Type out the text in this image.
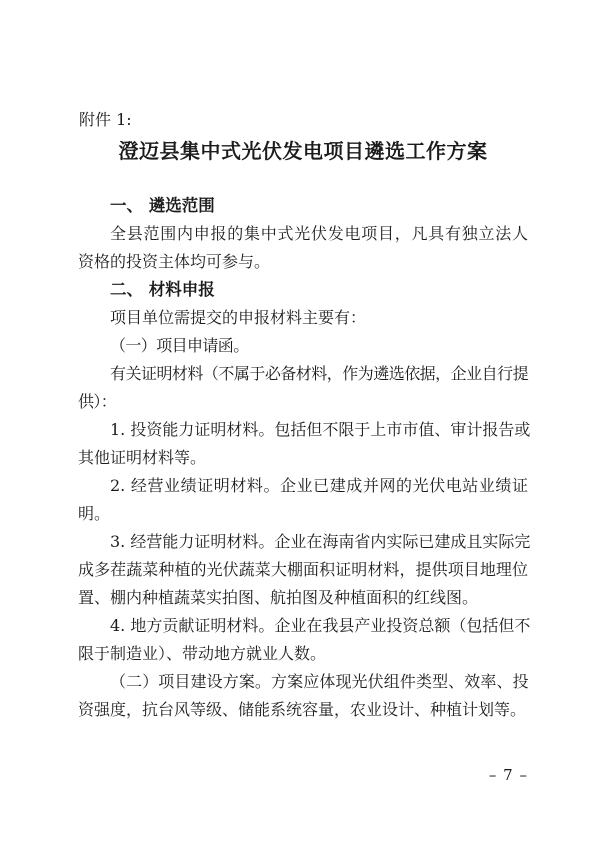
附件 1:
澄迈县集中式光伏发电项目遴选工作方案
一、 遴选范围
全县范围内申报的集中式光伏发电项目，凡具有独立法人
资格的投资主体均可参与。
二、 材料申报
项目单位需提交的申报材料主要有：
（一）项目申请函。
有关证明材料（不属于必备材料，作为遴选依据，企业自行提
供）：
1. 投资能力证明材料。包括但不限于上市市值、审计报告或
其他证明材料等。
2. 经营业绩证明材料。企业已建成并网的光伏电站业绩证
明。
3. 经营能力证明材料。企业在海南省内实际已建成且实际完
成多茬蔬菜种植的光伏蔬菜大棚面积证明材料，提供项目地理位
置、棚内种植蔬菜实拍图、航拍图及种植面积的红线图。
4. 地方贡献证明材料。企业在我县产业投资总额（包括但不
限于制造业）、带动地方就业人数。
（二）项目建设方案。方案应体现光伏组件类型、效率、投
资强度，抗台风等级、储能系统容量，农业设计、种植计划等。
– 7 –
